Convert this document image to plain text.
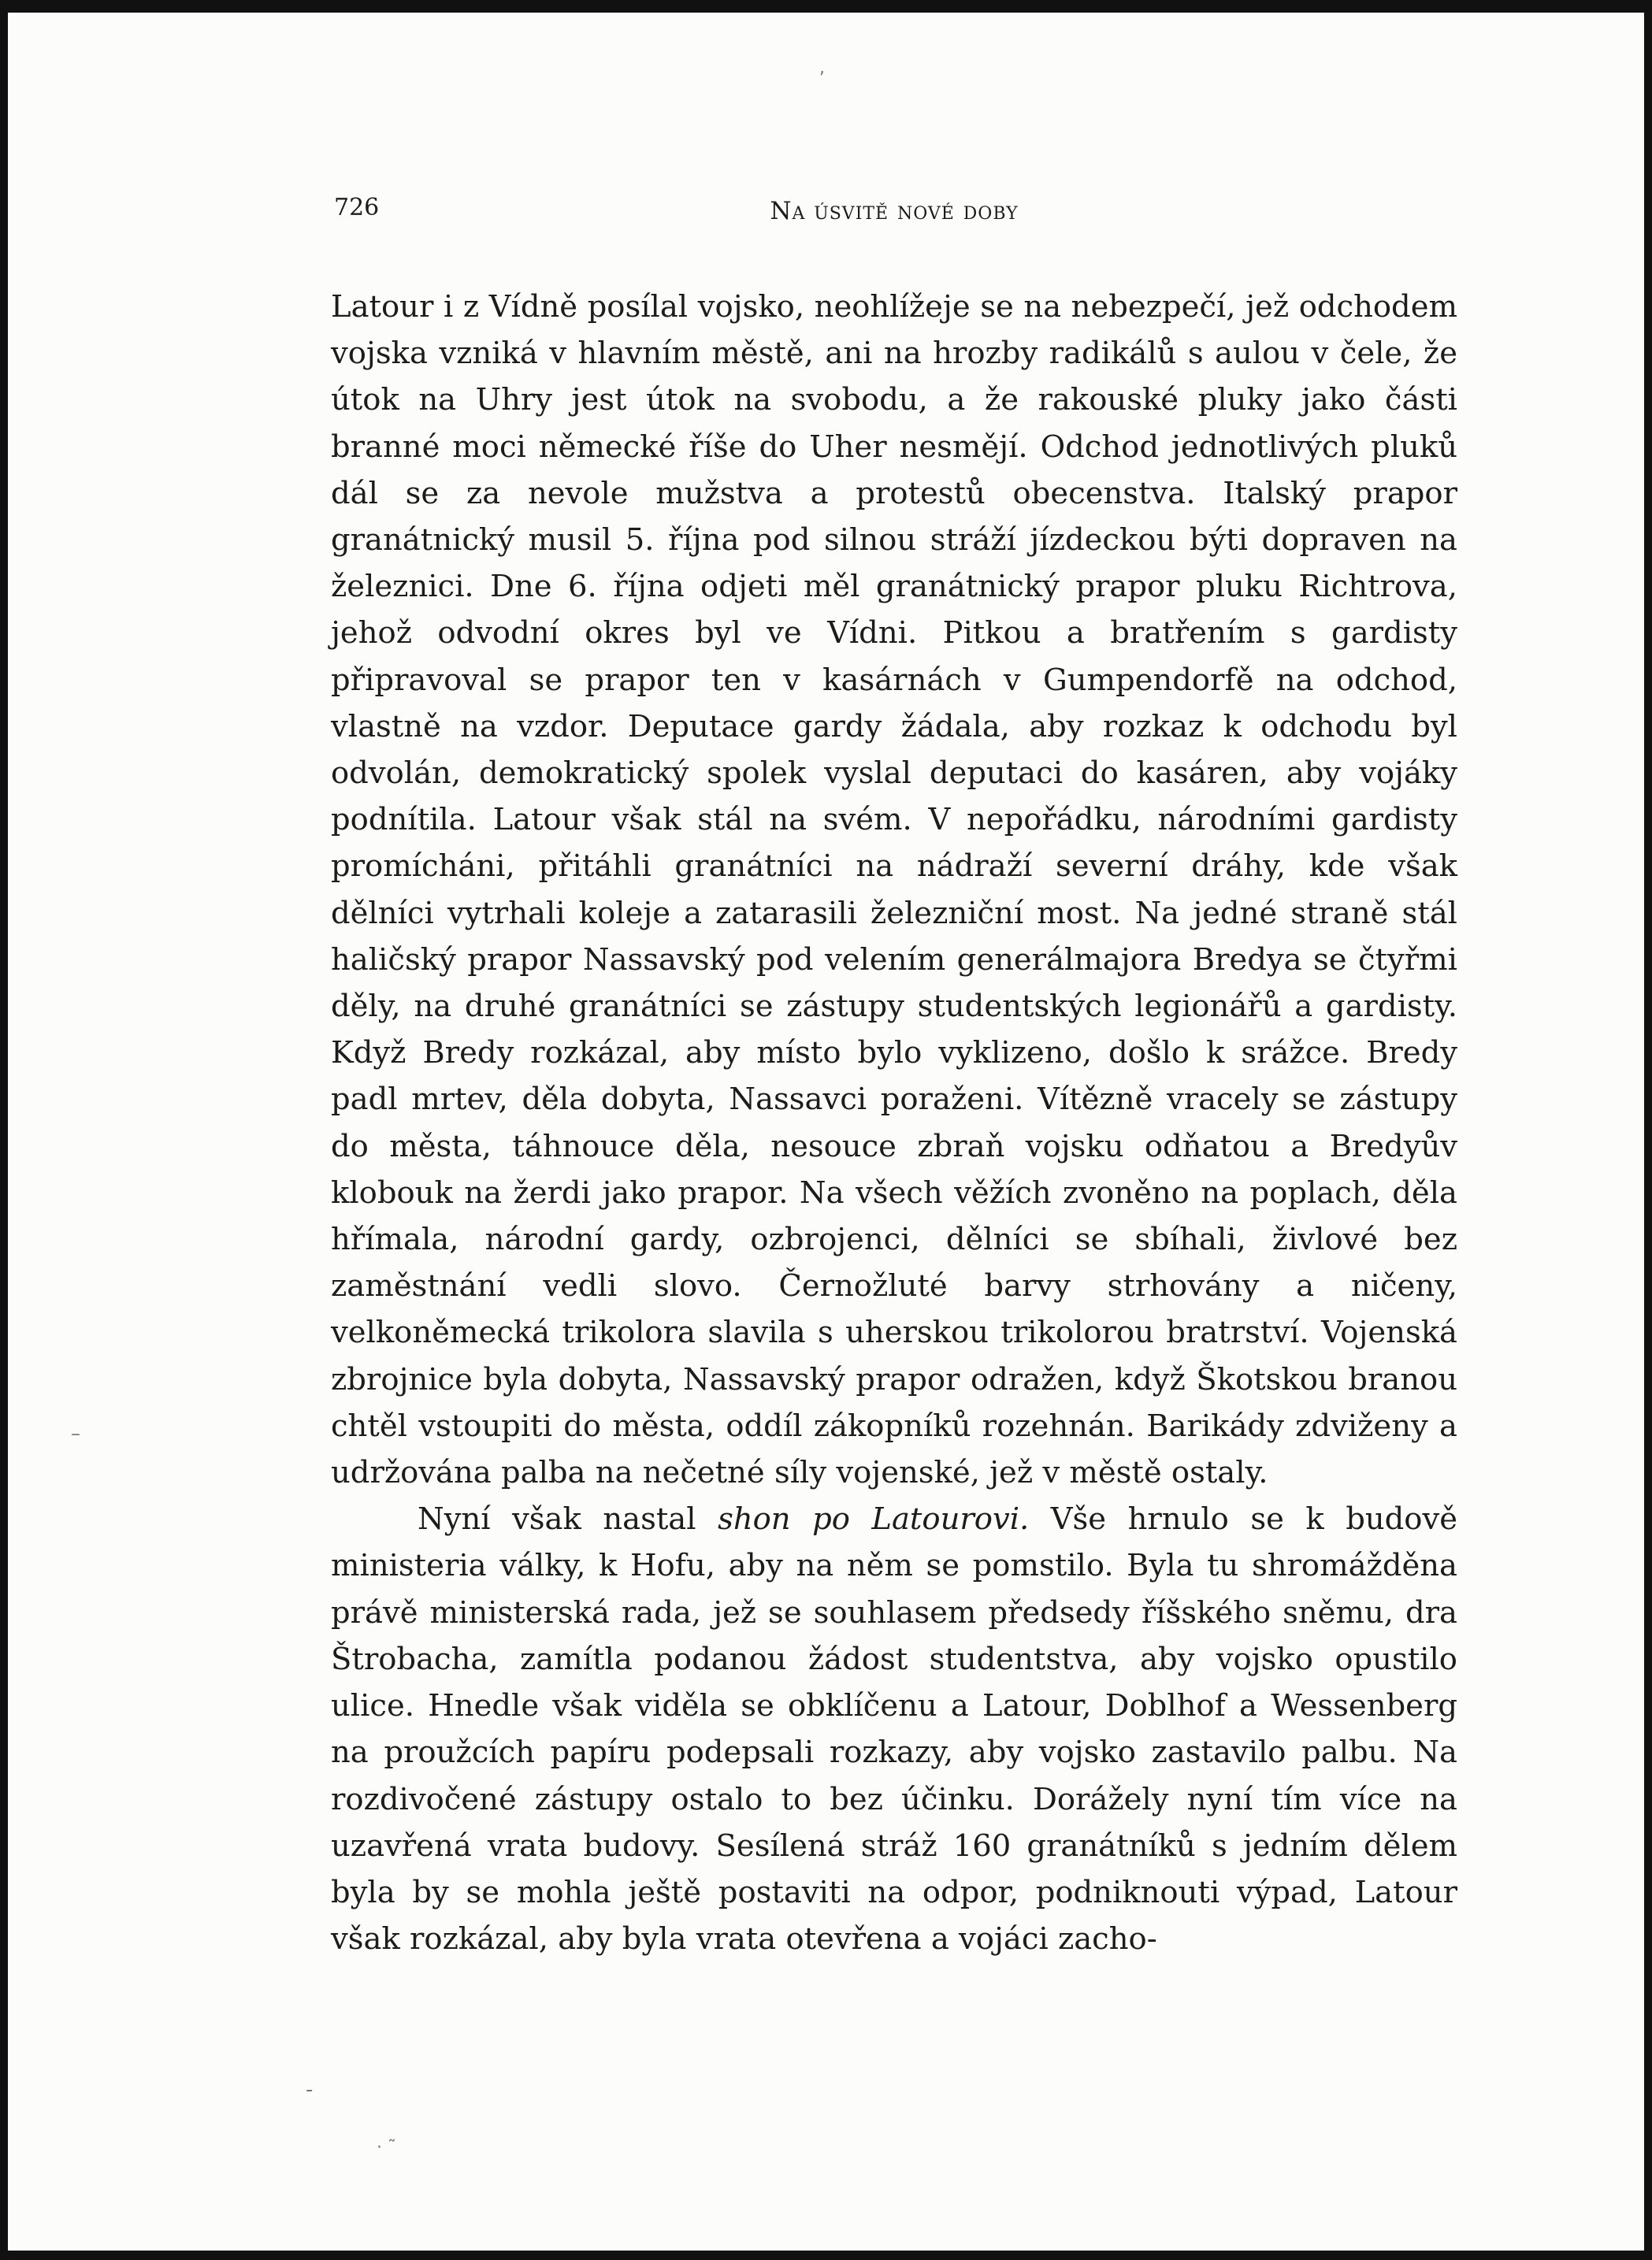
,
–
-
· ˜
726	Na úsvitě nové doby

Latour i z Vídně posílal vojsko, neohlížeje se na nebezpečí, jež odchodem vojska vzniká v hlavním městě, ani na hrozby radikálů s aulou v čele, že útok na Uhry jest útok na svobodu, a že rakouské pluky jako části branné moci německé říše do Uher nesmějí. Odchod jednotlivých pluků dál se za nevole mužstva a protestů obecenstva. Italský prapor granátnický musil 5. října pod silnou stráží jízdeckou býti dopraven na železnici. Dne 6. října odjeti měl granátnický prapor pluku Richtrova, jehož odvodní okres byl ve Vídni. Pitkou a bratřením s gardisty připravoval se prapor ten v kasárnách v Gumpendorfě na odchod, vlastně na vzdor. Deputace gardy žádala, aby rozkaz k odchodu byl odvolán, demokratický spolek vyslal deputaci do kasáren, aby vojáky podnítila. Latour však stál na svém. V nepořádku, národními gardisty promícháni, přitáhli granátníci na nádraží severní dráhy, kde však dělníci vytrhali koleje a zatarasili železniční most. Na jedné straně stál haličský prapor Nassavský pod velením generálmajora Bredya se čtyřmi děly, na druhé granátníci se zástupy studentských legionářů a gardisty. Když Bredy rozkázal, aby místo bylo vyklizeno, došlo k srážce. Bredy padl mrtev, děla dobyta, Nassavci poraženi. Vítězně vracely se zástupy do města, táhnouce děla, nesouce zbraň vojsku odňatou a Bredyův klobouk na žerdi jako prapor. Na všech věžích zvoněno na poplach, děla hřímala, národní gardy, ozbrojenci, dělníci se sbíhali, živlové bez zaměstnání vedli slovo. Černožluté barvy strhovány a ničeny, velkoněmecká trikolora slavila s uherskou trikolorou bratrství. Vojenská zbrojnice byla dobyta, Nassavský prapor odražen, když Škotskou branou chtěl vstoupiti do města, oddíl zákopníků rozehnán. Barikády zdviženy a udržována palba na nečetné síly vojenské, jež v městě ostaly.

Nyní však nastal shon po Latourovi. Vše hrnulo se k budově ministeria války, k Hofu, aby na něm se pomstilo. Byla tu shromážděna právě ministerská rada, jež se souhlasem předsedy říšského sněmu, dra Štrobacha, zamítla podanou žádost studentstva, aby vojsko opustilo ulice. Hnedle však viděla se obklíčenu a Latour, Doblhof a Wessenberg na proužcích papíru podepsali rozkazy, aby vojsko zastavilo palbu. Na rozdivočené zástupy ostalo to bez účinku. Dorážely nyní tím více na uzavřená vrata budovy. Sesílená stráž 160 granátníků s jedním dělem byla by se mohla ještě postaviti na odpor, podniknouti výpad, Latour však rozkázal, aby byla vrata otevřena a vojáci zacho-
